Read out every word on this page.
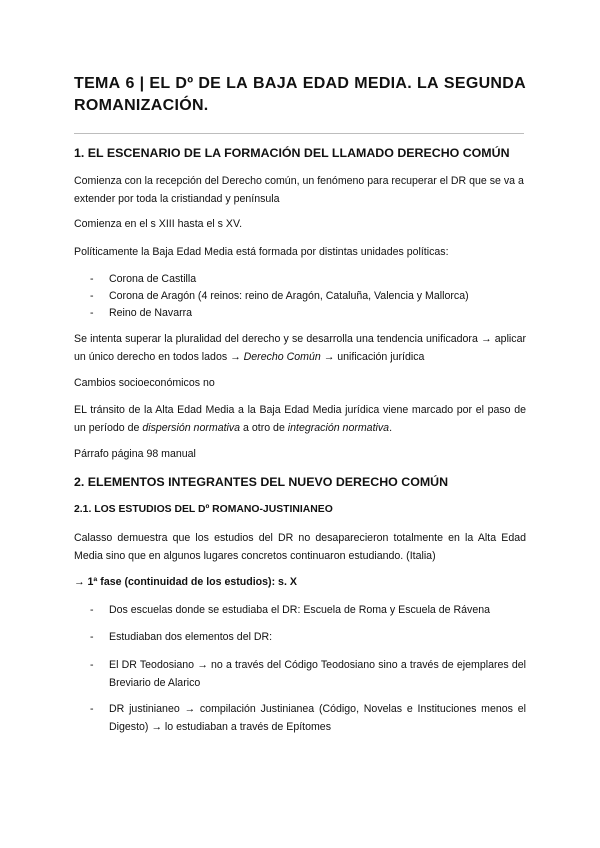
TEMA 6 | EL Dº DE LA BAJA EDAD MEDIA. LA SEGUNDA
ROMANIZACIÓN.
1. EL ESCENARIO DE LA FORMACIÓN DEL LLAMADO DERECHO COMÚN
Comienza con la recepción del Derecho común, un fenómeno para recuperar el DR que se va a extender por toda la cristiandad y península
Comienza en el s XIII hasta el s XV.
Políticamente la Baja Edad Media está formada por distintas unidades políticas:
- Corona de Castilla
- Corona de Aragón (4 reinos: reino de Aragón, Cataluña, Valencia y Mallorca)
- Reino de Navarra
Se intenta superar la pluralidad del derecho y se desarrolla una tendencia unificadora → aplicar un único derecho en todos lados → Derecho Común → unificación jurídica
Cambios socioeconómicos no
EL tránsito de la Alta Edad Media a la Baja Edad Media jurídica viene marcado por el paso de un período de dispersión normativa a otro de integración normativa.
Párrafo página 98 manual
2. ELEMENTOS INTEGRANTES DEL NUEVO DERECHO COMÚN
2.1. LOS ESTUDIOS DEL Dº ROMANO-JUSTINIANEO
Calasso demuestra que los estudios del DR no desaparecieron totalmente en la Alta Edad Media sino que en algunos lugares concretos continuaron estudiando. (Italia)
→ 1ª fase (continuidad de los estudios): s. X
- Dos escuelas donde se estudiaba el DR: Escuela de Roma y Escuela de Rávena
- Estudiaban dos elementos del DR:
- El DR Teodosiano → no a través del Código Teodosiano sino a través de ejemplares del Breviario de Alarico
- DR justinianeo → compilación Justinianea (Código, Novelas e Instituciones menos el Digesto) → lo estudiaban a través de Epítomes
